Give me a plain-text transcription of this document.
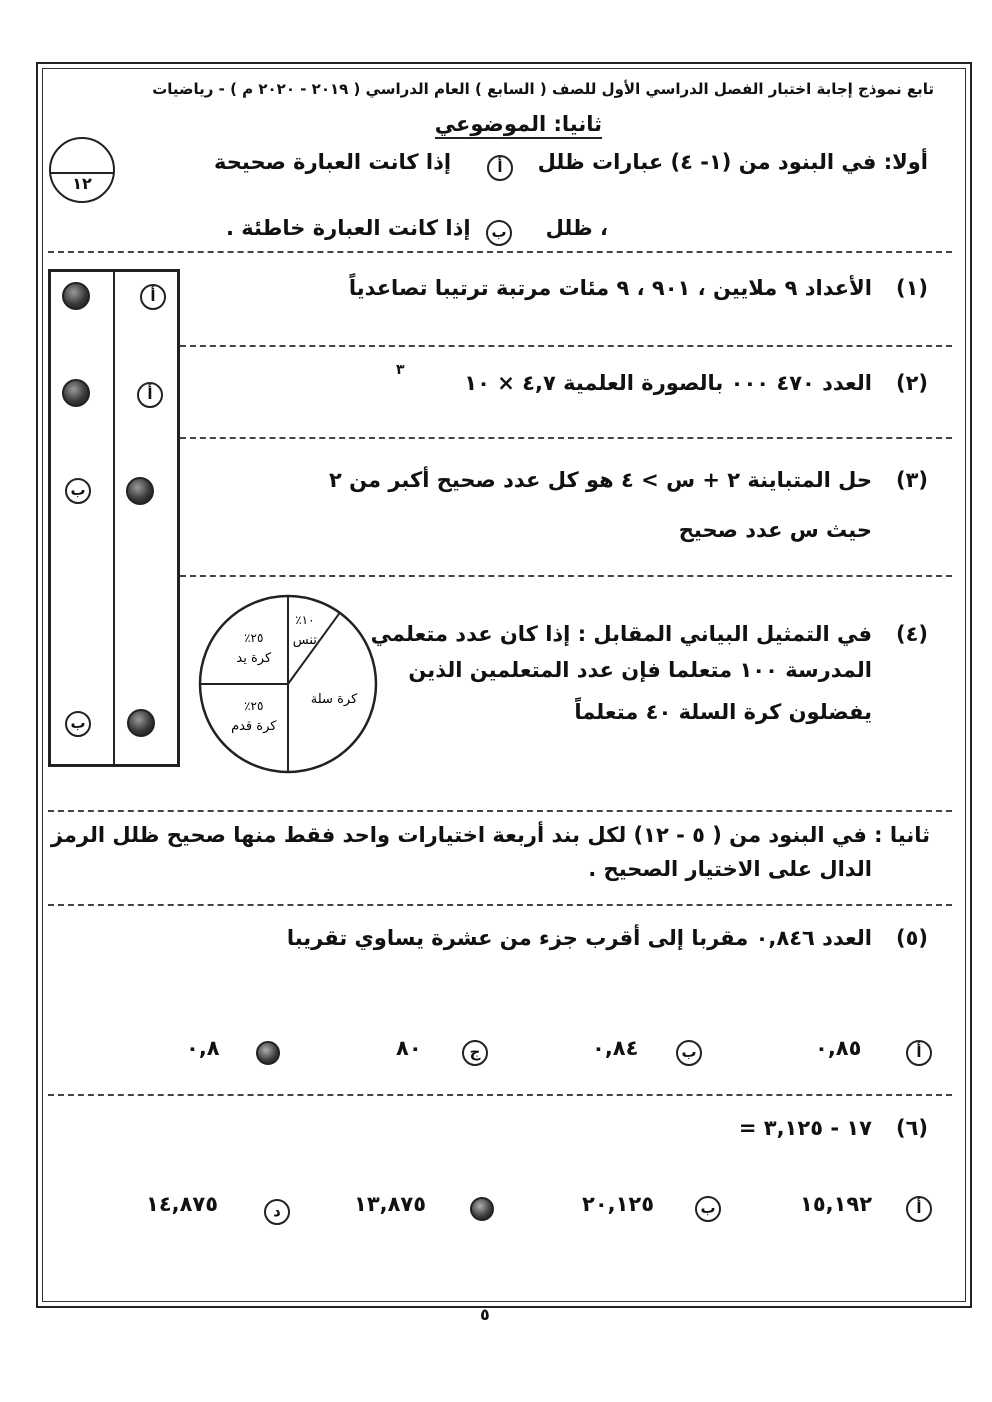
تابع نموذج إجابة اختبار الفصل الدراسي الأول للصف ( السابع ) العام الدراسي ( ٢٠١٩ - ٢٠٢٠ م ) - رياضيات
ثانيا: الموضوعي
١٢
أولا: في البنود من (١- ٤) عبارات ظلل
أ
إذا كانت العبارة صحيحة
، ظلل
ب
إذا كانت العبارة خاطئة .
(١)
الأعداد ٩ ملايين ، ٩٠١ ، ٩ مئات مرتبة ترتيبا تصاعدياً
أ
(٢)
العدد ٤٧٠ ٠٠٠ بالصورة العلمية ٤,٧ × ١٠
٣
أ
(٣)
حل المتباينة ٢ + س > ٤ هو كل عدد صحيح أكبر من ٢
حيث س عدد صحيح
ب
(٤)
في التمثيل البياني المقابل : إذا كان عدد متعلمي
المدرسة ١٠٠ متعلما فإن عدد المتعلمين الذين
يفضلون كرة السلة ٤٠ متعلماً
ب
١٠٪
تنس
كرة سلة
٢٥٪
كرة قدم
٢٥٪
كرة يد
ثانيا : في البنود من ( ٥ - ١٢) لكل بند أربعة اختيارات واحد فقط منها صحيح ظلل الرمز
الدال على الاختيار الصحيح .
(٥)
العدد ٠,٨٤٦ مقربا إلى أقرب جزء من عشرة يساوي تقريبا
أ
٠,٨٥
ب
٠,٨٤
ج
٨٠
٠,٨
(٦)
١٧ - ٣,١٢٥ =
أ
١٥,١٩٢
ب
٢٠,١٢٥
١٣,٨٧٥
د
١٤,٨٧٥
٥
